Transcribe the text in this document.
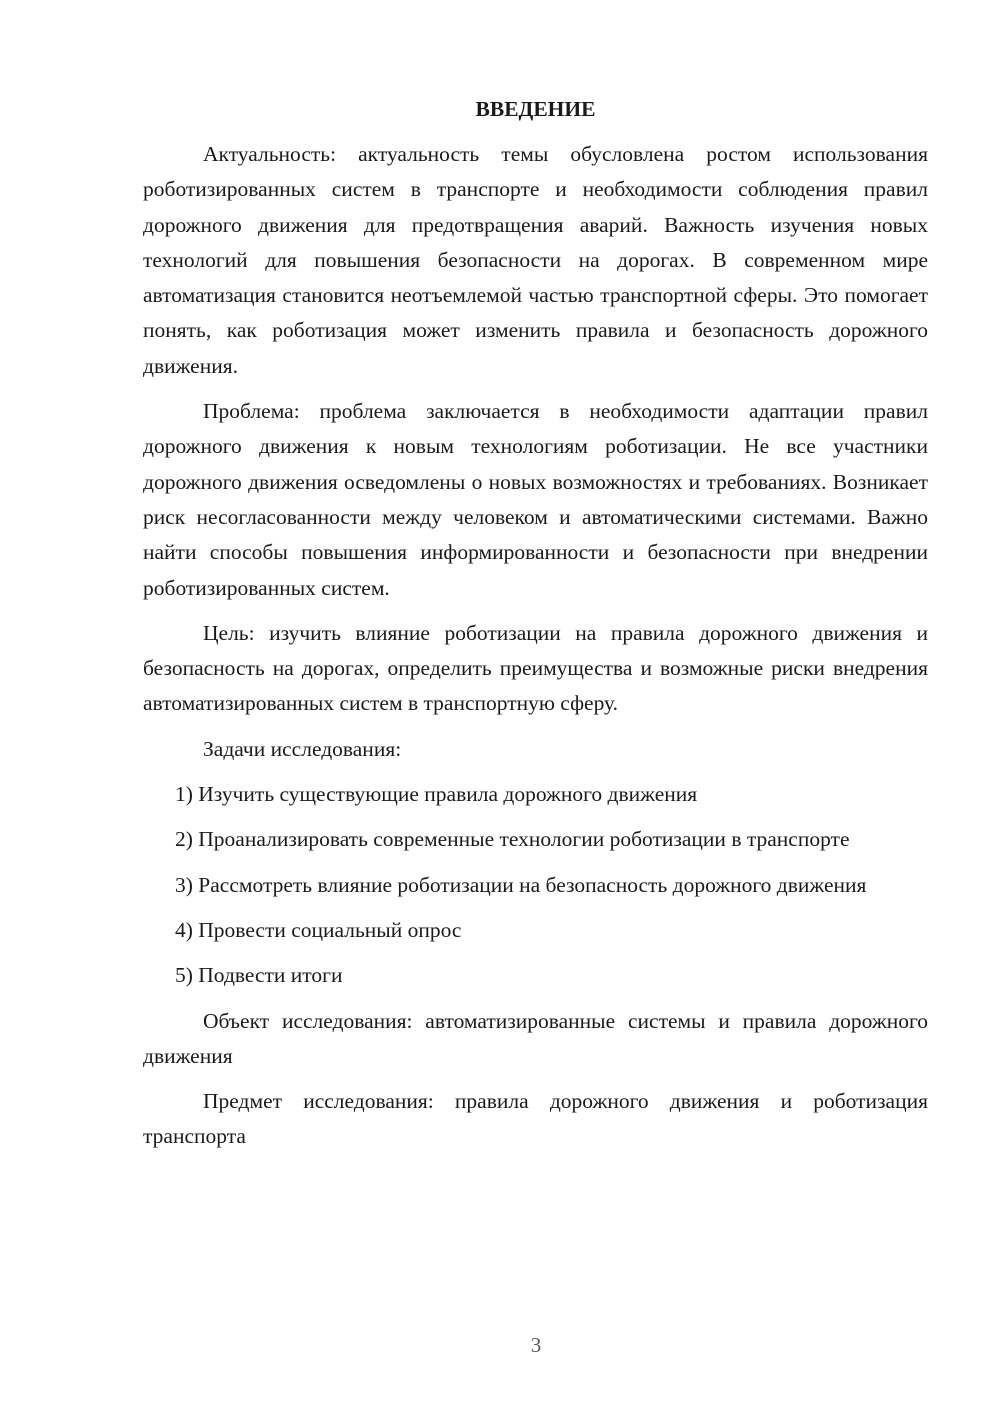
ВВЕДЕНИЕ

Актуальность: актуальность темы обусловлена ростом использования роботизированных систем в транспорте и необходимости соблюдения правил дорожного движения для предотвращения аварий. Важность изучения новых технологий для повышения безопасности на дорогах. В современном мире автоматизация становится неотъемлемой частью транспортной сферы. Это помогает понять, как роботизация может изменить правила и безопасность дорожного движения.

Проблема: проблема заключается в необходимости адаптации правил дорожного движения к новым технологиям роботизации. Не все участники дорожного движения осведомлены о новых возможностях и требованиях. Возникает риск несогласованности между человеком и автоматическими системами. Важно найти способы повышения информированности и безопасности при внедрении роботизированных систем.

Цель: изучить влияние роботизации на правила дорожного движения и безопасность на дорогах, определить преимущества и возможные риски внедрения автоматизированных систем в транспортную сферу.

Задачи исследования:

1) Изучить существующие правила дорожного движения

2) Проанализировать современные технологии роботизации в транспорте

3) Рассмотреть влияние роботизации на безопасность дорожного движения

4) Провести социальный опрос

5) Подвести итоги

Объект исследования: автоматизированные системы и правила дорожного движения

Предмет исследования: правила дорожного движения и роботизация транспорта

3
